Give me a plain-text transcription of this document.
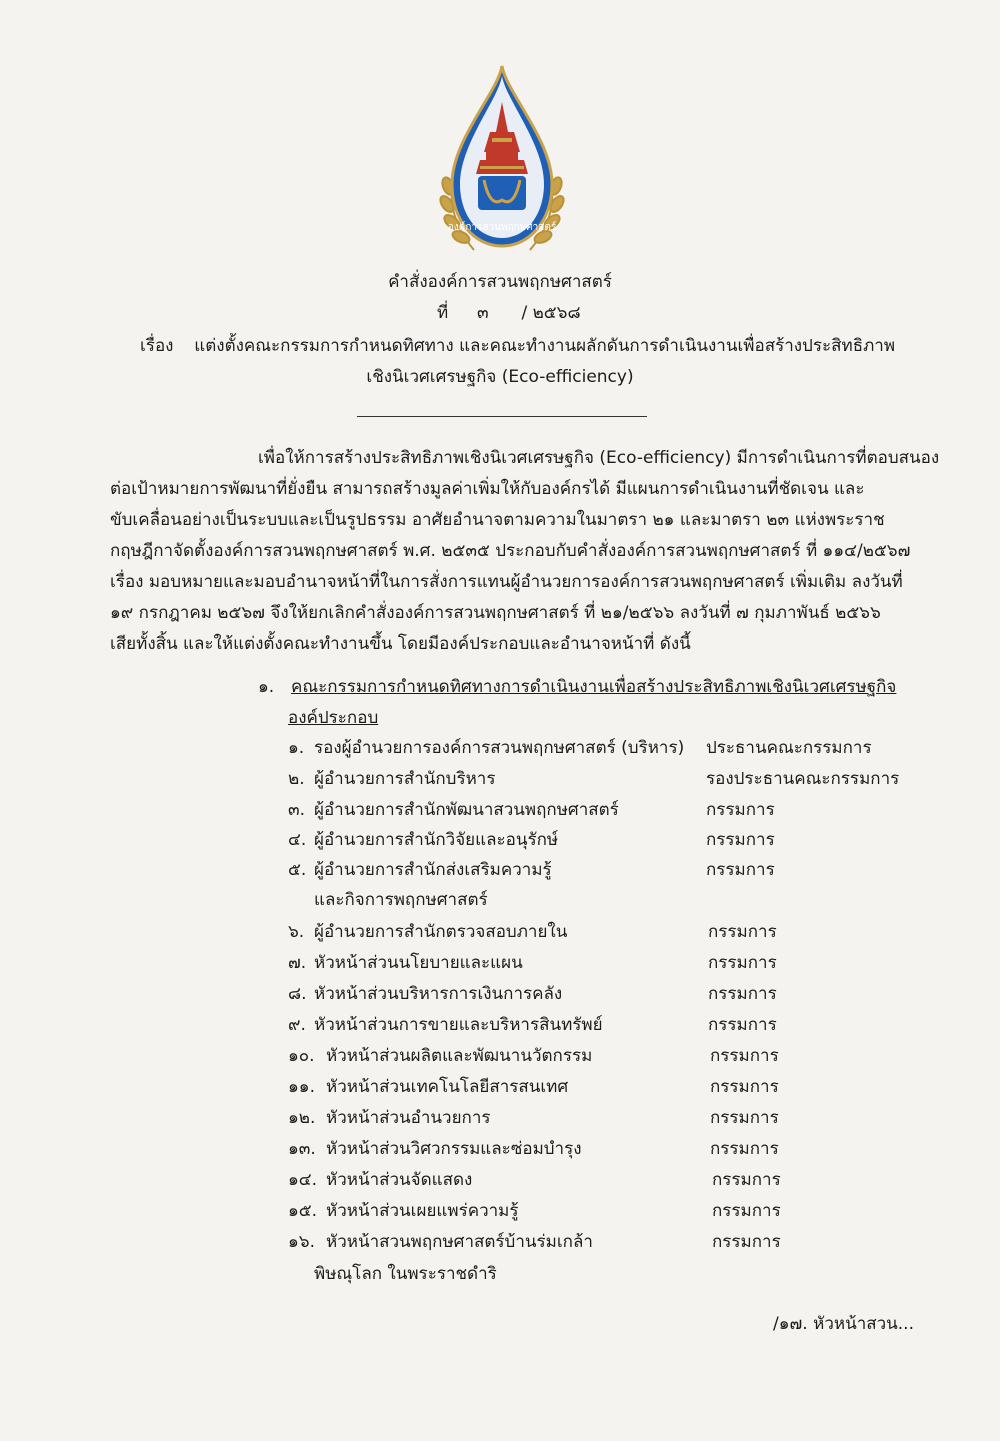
องค์การสวนพฤกษศาสตร์
คำสั่งองค์การสวนพฤกษศาสตร์
ที่ ๓ / ๒๕๖๘
เรื่อง แต่งตั้งคณะกรรมการกำหนดทิศทาง และคณะทำงานผลักดันการดำเนินงานเพื่อสร้างประสิทธิภาพ
เชิงนิเวศเศรษฐกิจ (Eco-efficiency)
เพื่อให้การสร้างประสิทธิภาพเชิงนิเวศเศรษฐกิจ (Eco-efficiency) มีการดำเนินการที่ตอบสนอง
ต่อเป้าหมายการพัฒนาที่ยั่งยืน สามารถสร้างมูลค่าเพิ่มให้กับองค์กรได้ มีแผนการดำเนินงานที่ชัดเจน และ
ขับเคลื่อนอย่างเป็นระบบและเป็นรูปธรรม อาศัยอำนาจตามความในมาตรา ๒๑ และมาตรา ๒๓ แห่งพระราช
กฤษฎีกาจัดตั้งองค์การสวนพฤกษศาสตร์ พ.ศ. ๒๕๓๕ ประกอบกับคำสั่งองค์การสวนพฤกษศาสตร์ ที่ ๑๑๔/๒๕๖๗
เรื่อง มอบหมายและมอบอำนาจหน้าที่ในการสั่งการแทนผู้อำนวยการองค์การสวนพฤกษศาสตร์ เพิ่มเติม ลงวันที่
๑๙ กรกฎาคม ๒๕๖๗ จึงให้ยกเลิกคำสั่งองค์การสวนพฤกษศาสตร์ ที่ ๒๑/๒๕๖๖ ลงวันที่ ๗ กุมภาพันธ์ ๒๕๖๖
เสียทั้งสิ้น และให้แต่งตั้งคณะทำงานขึ้น โดยมีองค์ประกอบและอำนาจหน้าที่ ดังนี้
๑. คณะกรรมการกำหนดทิศทางการดำเนินงานเพื่อสร้างประสิทธิภาพเชิงนิเวศเศรษฐกิจ
องค์ประกอบ
๑. รองผู้อำนวยการองค์การสวนพฤกษศาสตร์ (บริหาร) ประธานคณะกรรมการ
๒. ผู้อำนวยการสำนักบริหาร	รองประธานคณะกรรมการ
๓. ผู้อำนวยการสำนักพัฒนาสวนพฤกษศาสตร์	กรรมการ
๔. ผู้อำนวยการสำนักวิจัยและอนุรักษ์	กรรมการ
๕. ผู้อำนวยการสำนักส่งเสริมความรู้	กรรมการ
และกิจการพฤกษศาสตร์
๖. ผู้อำนวยการสำนักตรวจสอบภายใน	กรรมการ
๗. หัวหน้าส่วนนโยบายและแผน	กรรมการ
๘. หัวหน้าส่วนบริหารการเงินการคลัง	กรรมการ
๙. หัวหน้าส่วนการขายและบริหารสินทรัพย์	กรรมการ
๑๐. หัวหน้าส่วนผลิตและพัฒนานวัตกรรม	กรรมการ
๑๑. หัวหน้าส่วนเทคโนโลยีสารสนเทศ	กรรมการ
๑๒. หัวหน้าส่วนอำนวยการ	กรรมการ
๑๓. หัวหน้าส่วนวิศวกรรมและซ่อมบำรุง	กรรมการ
๑๔. หัวหน้าส่วนจัดแสดง	กรรมการ
๑๕. หัวหน้าส่วนเผยแพร่ความรู้	กรรมการ
๑๖. หัวหน้าสวนพฤกษศาสตร์บ้านร่มเกล้า	กรรมการ
พิษณุโลก ในพระราชดำริ
/๑๗. หัวหน้าสวน...
